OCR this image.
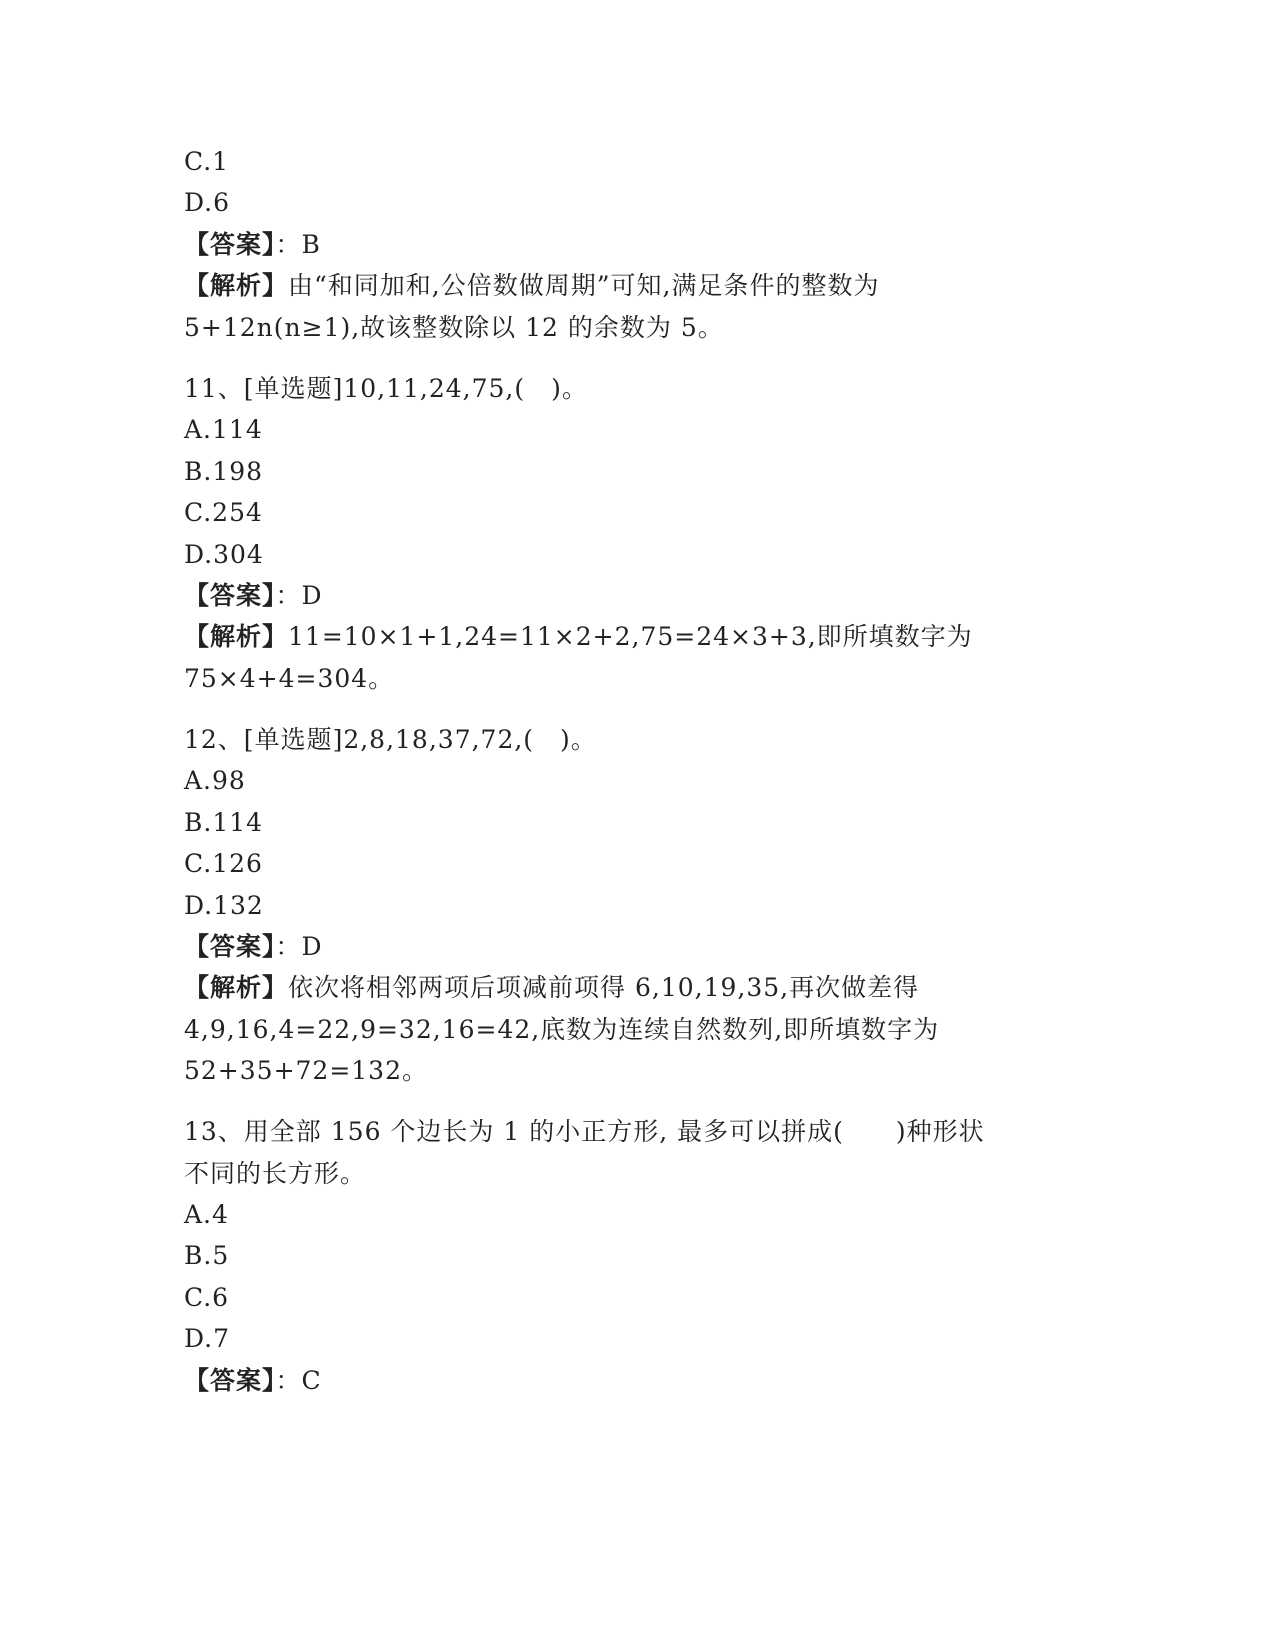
C.1
D.6
【答案】：B
【解析】由“和同加和,公倍数做周期”可知,满足条件的整数为
5+12n(n≥1),故该整数除以 12 的余数为 5。
11、[单选题]10,11,24,75,(　)。
A.114
B.198
C.254
D.304
【答案】：D
【解析】11=10×1+1,24=11×2+2,75=24×3+3,即所填数字为
75×4+4=304。
12、[单选题]2,8,18,37,72,(　)。
A.98
B.114
C.126
D.132
【答案】：D
【解析】依次将相邻两项后项减前项得 6,10,19,35,再次做差得
4,9,16,4=22,9=32,16=42,底数为连续自然数列,即所填数字为
52+35+72=132。
13、用全部 156 个边长为 1 的小正方形, 最多可以拼成(　　)种形状
不同的长方形。
A.4
B.5
C.6
D.7
【答案】：C
